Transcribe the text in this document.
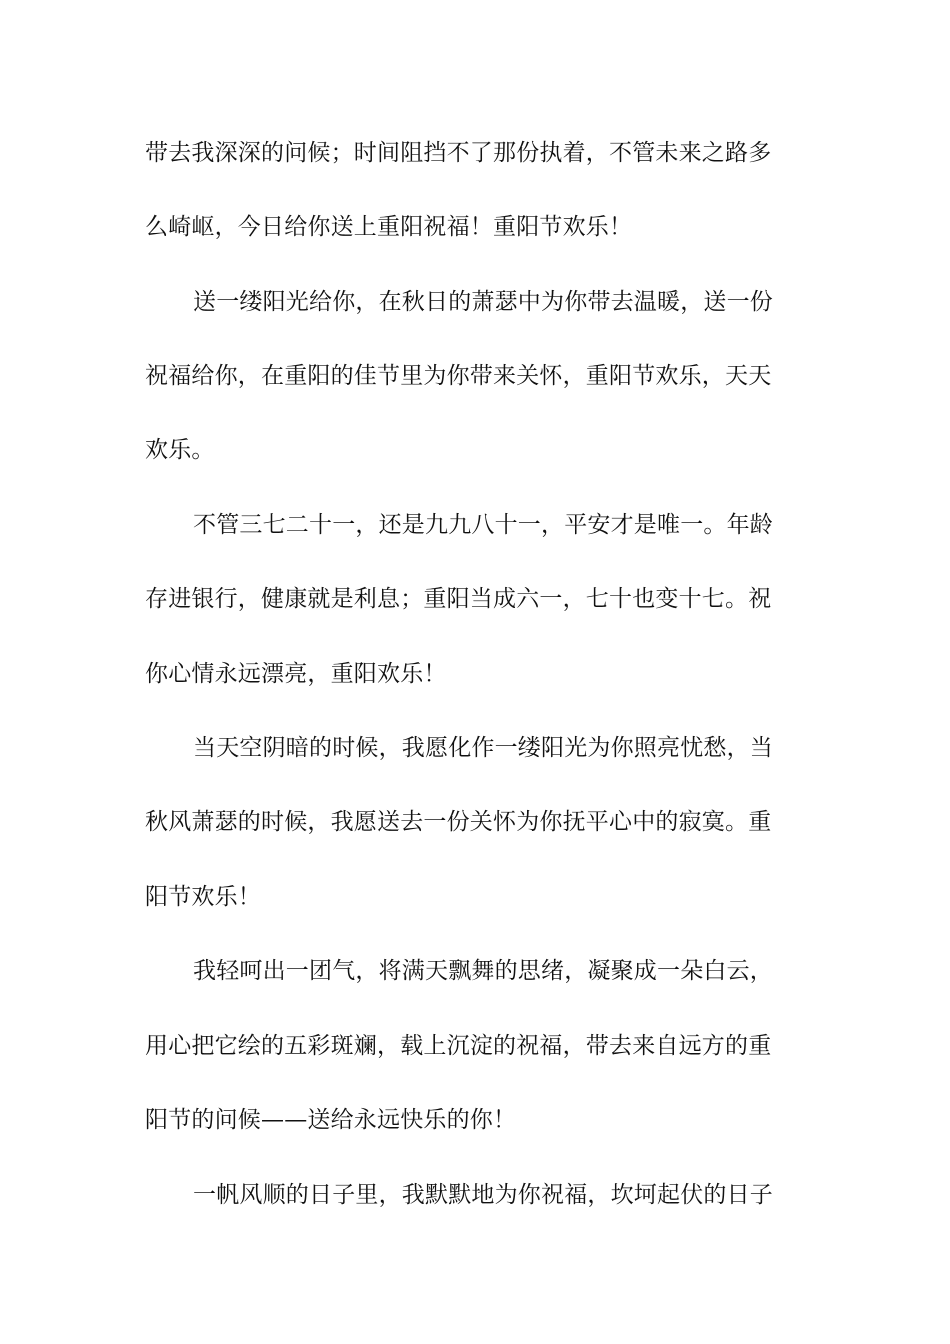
带去我深深的问候；时间阻挡不了那份执着，不管未来之路多
么崎岖，今日给你送上重阳祝福！重阳节欢乐！
送一缕阳光给你，在秋日的萧瑟中为你带去温暖，送一份
祝福给你，在重阳的佳节里为你带来关怀，重阳节欢乐，天天
欢乐。
不管三七二十一，还是九九八十一，平安才是唯一。年龄
存进银行，健康就是利息；重阳当成六一，七十也变十七。祝
你心情永远漂亮，重阳欢乐！
当天空阴暗的时候，我愿化作一缕阳光为你照亮忧愁，当
秋风萧瑟的时候，我愿送去一份关怀为你抚平心中的寂寞。重
阳节欢乐！
我轻呵出一团气，将满天飘舞的思绪，凝聚成一朵白云，
用心把它绘的五彩斑斓，载上沉淀的祝福，带去来自远方的重
阳节的问候——送给永远快乐的你！
一帆风顺的日子里，我默默地为你祝福，坎坷起伏的日子
